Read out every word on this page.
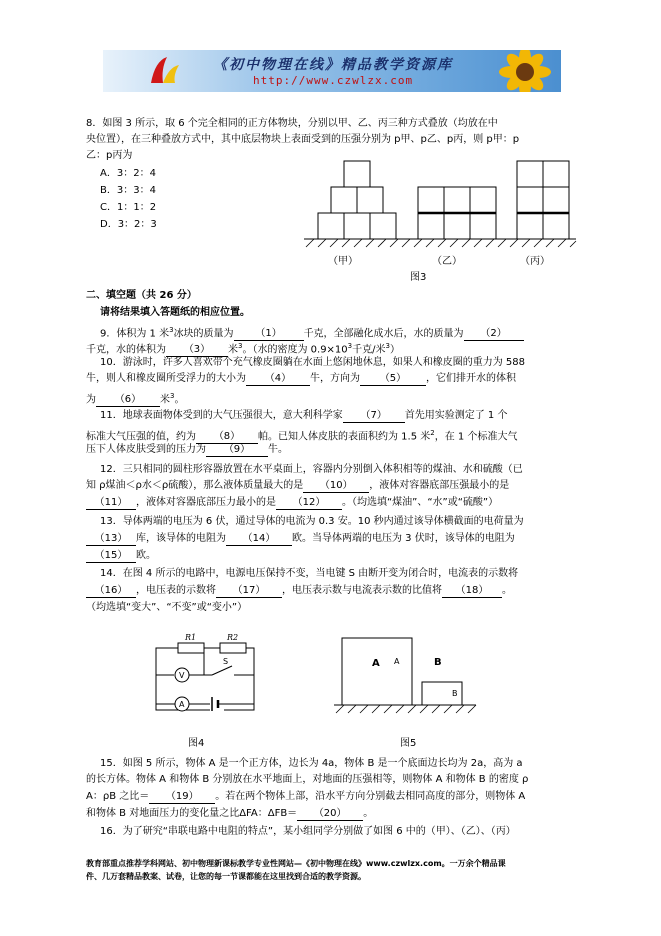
《初中物理在线》精品教学资源库
http://www.czwlzx.com
8．如图 3 所示，取 6 个完全相同的正方体物块，分别以甲、乙、丙三种方式叠放（均放在中
央位置），在三种叠放方式中，其中底层物块上表面受到的压强分别为 p甲、p乙、p丙，则 p甲：p
乙：p丙为
A．3：2：4
B．3：3：4
C．1：1：2
D．3：2：3
（甲）	（乙）	（丙）
图3
二、填空题（共 26 分）
请将结果填入答题纸的相应位置。
9．体积为 1 米$^3$冰块的质量为 （1） 千克，全部融化成水后，水的质量为 （2）
千克，水的体积为 （3） 米$^3$。（水的密度为 $0.9\times 10^3$千克/米$^3$）
10．游泳时，许多人喜欢带个充气橡皮圈躺在水面上悠闲地休息，如果人和橡皮圈的重力为 588
牛，则人和橡皮圈所受浮力的大小为 （4） 牛，方向为 （5） ，它们排开水的体积
为 （6） 米$^3$。
11．地球表面物体受到的大气压强很大，意大利科学家 （7） 首先用实验测定了 1 个
标准大气压强的值，约为 （8） 帕。已知人体皮肤的表面积约为 1.5 米$^2$，在 1 个标准大气
压下人体皮肤受到的压力为 （9） 牛。
12．三只相同的圆柱形容器放置在水平桌面上，容器内分别倒入体积相等的煤油、水和硫酸（已
知 ρ煤油＜ρ水＜ρ硫酸），那么液体质量最大的是 （10） ，液体对容器底部压强最小的是
（11） ，液体对容器底部压力最小的是 （12） 。（均选填“煤油”、“水”或“硫酸”）
13．导体两端的电压为 6 伏，通过导体的电流为 0.3 安。10 秒内通过该导体横截面的电荷量为
（13） 库，该导体的电阻为 （14） 欧。当导体两端的电压为 3 伏时，该导体的电阻为
（15） 欧。
14．在图 4 所示的电路中，电源电压保持不变，当电键 S 由断开变为闭合时，电流表的示数将
（16） ，电压表的示数将 （17） ，电压表示数与电流表示数的比值将 （18） 。
（均选填“变大”、“不变”或“变小”）
R1	R2
V
S
A
图4
A A	B
B
图5
15．如图 5 所示，物体 A 是一个正方体，边长为 4a，物体 B 是一个底面边长均为 2a，高为 a
的长方体。物体 A 和物体 B 分别放在水平地面上，对地面的压强相等，则物体 A 和物体 B 的密度 ρ
A：ρB 之比＝ （19） 。若在两个物体上部，沿水平方向分别截去相同高度的部分，则物体 A
和物体 B 对地面压力的变化量之比ΔFA：ΔFB＝ （20） 。
16．为了研究“串联电路中电阻的特点”，某小组同学分别做了如图 6 中的（甲）、（乙）、（丙）
教育部重点推荐学科网站、初中物理新课标教学专业性网站—《初中物理在线》www.czwlzx.com。一万余个精品课
件、几万套精品教案、试卷，让您的每一节课都能在这里找到合适的教学资源。
